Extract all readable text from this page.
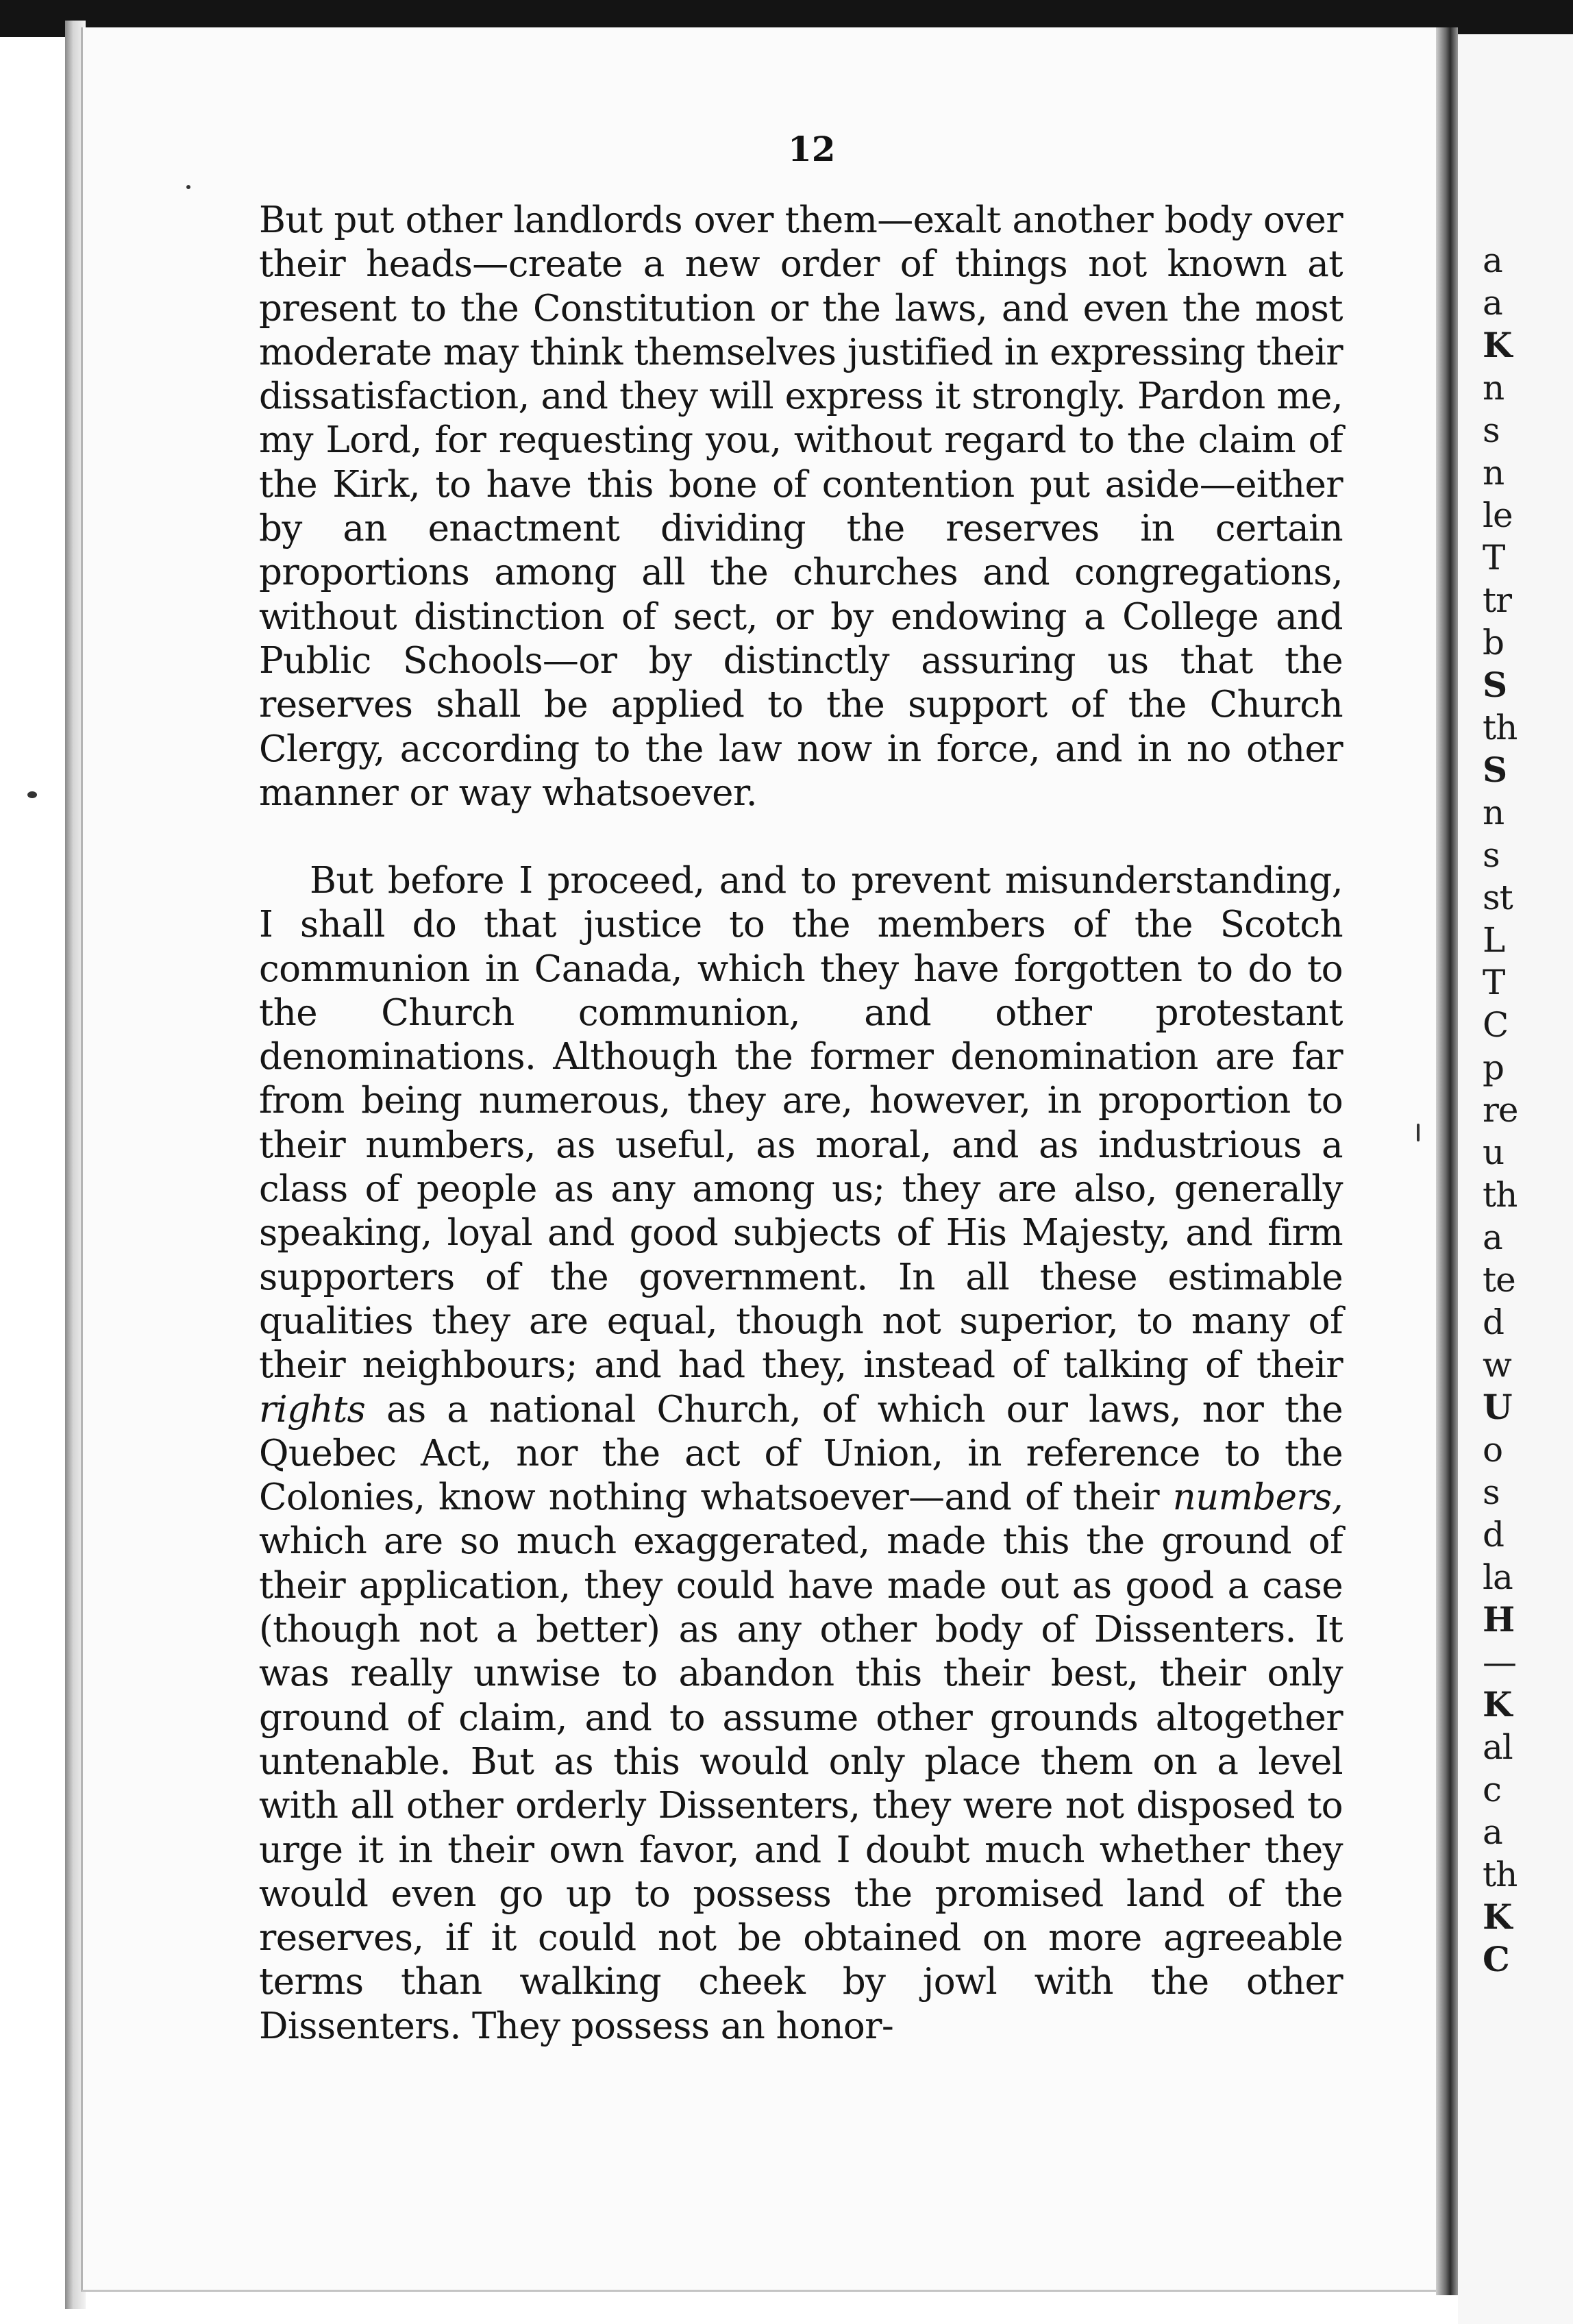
12
But put other landlords over them—exalt another body over their heads—create a new order of things not known at present to the Constitution or the laws, and even the most moderate may think themselves justified in expressing their dissatisfaction, and they will express it strongly. Pardon me, my Lord, for requesting you, without regard to the claim of the Kirk, to have this bone of contention put aside—either by an enactment dividing the reserves in certain proportions among all the churches and congregations, without distinction of sect, or by endowing a College and Public Schools—or by distinctly assuring us that the reserves shall be applied to the support of the Church Clergy, according to the law now in force, and in no other manner or way whatsoever.
But before I proceed, and to prevent misunderstanding, I shall do that justice to the members of the Scotch communion in Canada, which they have forgotten to do to the Church communion, and other protestant denominations. Although the former denomination are far from being numerous, they are, however, in proportion to their numbers, as useful, as moral, and as industrious a class of people as any among us; they are also, generally speaking, loyal and good subjects of His Majesty, and firm supporters of the government. In all these estimable qualities they are equal, though not superior, to many of their neighbours; and had they, instead of talking of their rights as a national Church, of which our laws, nor the Quebec Act, nor the act of Union, in reference to the Colonies, know nothing whatsoever—and of their numbers, which are so much exaggerated, made this the ground of their application, they could have made out as good a case (though not a better) as any other body of Dissenters. It was really unwise to abandon this their best, their only ground of claim, and to assume other grounds altogether untenable. But as this would only place them on a level with all other orderly Dissenters, they were not disposed to urge it in their own favor, and I doubt much whether they would even go up to possess the promised land of the reserves, if it could not be obtained on more agreeable terms than walking cheek by jowl with the other Dissenters. They possess an honor-
a
a
K
n
s
n
le
T
tr
b
S
th
S
n
s
st
L
T
C
p
re
u
th
a
te
d
w
U
o
s
d
la
H
—
K
al
c
a
th
K
C
